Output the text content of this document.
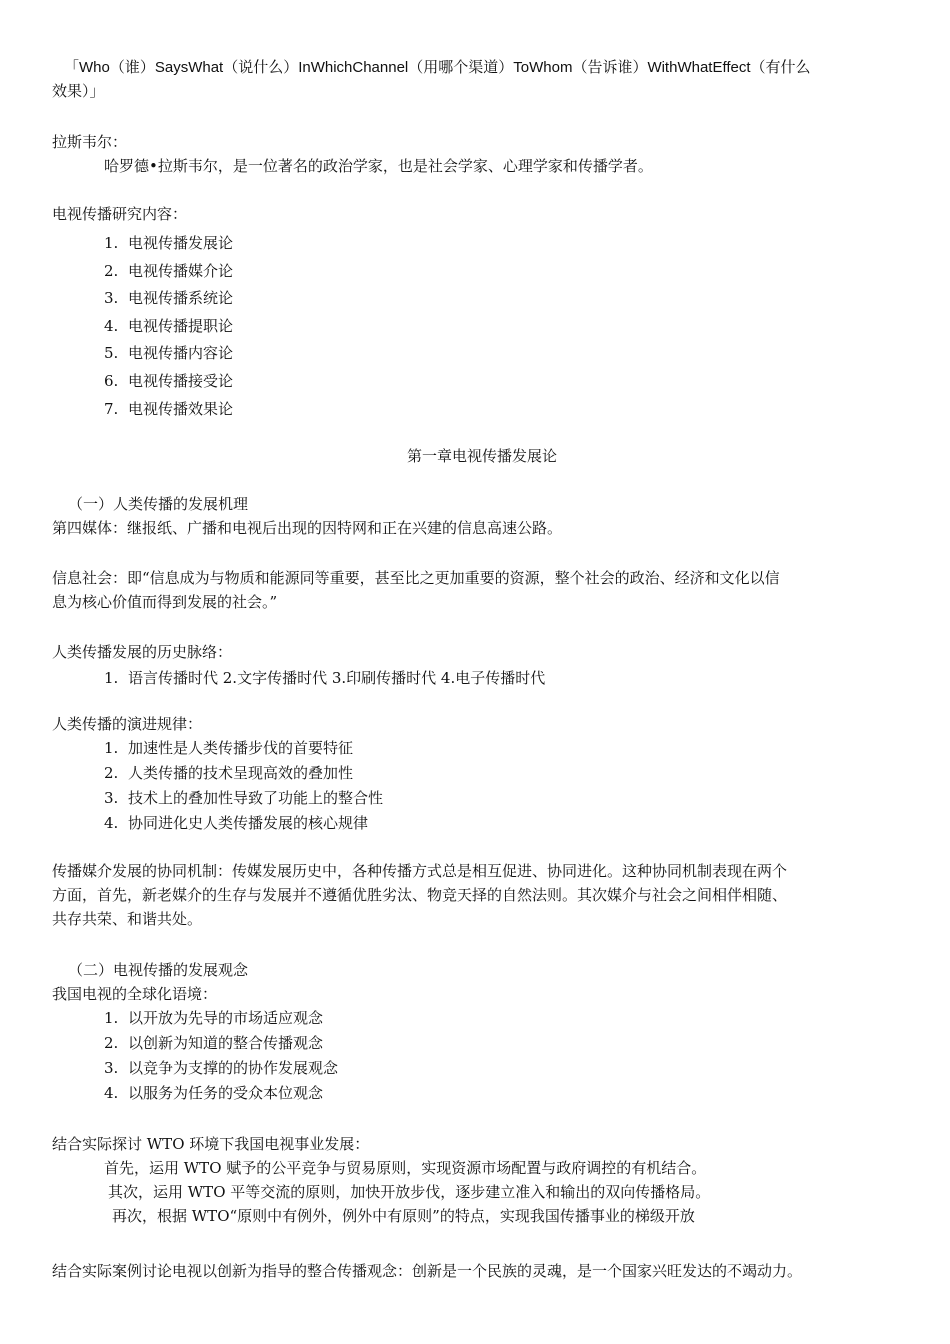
「Who（谁）SaysWhat（说什么）InWhichChannel（用哪个渠道）ToWhom（告诉谁）WithWhatEffect（有什么
效果）」

拉斯韦尔：

哈罗德•拉斯韦尔，是一位著名的政治学家，也是社会学家、心理学家和传播学者。

电视传播研究内容：

1. 电视传播发展论
2. 电视传播媒介论
3. 电视传播系统论
4. 电视传播提职论
5. 电视传播内容论
6. 电视传播接受论
7. 电视传播效果论
第一章电视传播发展论

（一）人类传播的发展机理

第四媒体：继报纸、广播和电视后出现的因特网和正在兴建的信息高速公路。

信息社会：即“信息成为与物质和能源同等重要，甚至比之更加重要的资源，整个社会的政治、经济和文化以信

息为核心价值而得到发展的社会。”

人类传播发展的历史脉络：

1. 语言传播时代 2.文字传播时代 3.印刷传播时代 4.电子传播时代

人类传播的演进规律：

1. 加速性是人类传播步伐的首要特征
2. 人类传播的技术呈现高效的叠加性
3. 技术上的叠加性导致了功能上的整合性
4. 协同进化史人类传播发展的核心规律

传播媒介发展的协同机制：传媒发展历史中，各种传播方式总是相互促进、协同进化。这种协同机制表现在两个

方面，首先，新老媒介的生存与发展并不遵循优胜劣汰、物竞天择的自然法则。其次媒介与社会之间相伴相随、

共存共荣、和谐共处。

（二）电视传播的发展观念

我国电视的全球化语境：

1. 以开放为先导的市场适应观念
2. 以创新为知道的整合传播观念
3. 以竞争为支撑的的协作发展观念
4. 以服务为任务的受众本位观念

结合实际探讨 WTO 环境下我国电视事业发展：

首先，运用 WTO 赋予的公平竞争与贸易原则，实现资源市场配置与政府调控的有机结合。

其次，运用 WTO 平等交流的原则，加快开放步伐，逐步建立准入和输出的双向传播格局。

再次，根据 WTO“原则中有例外，例外中有原则”的特点，实现我国传播事业的梯级开放

结合实际案例讨论电视以创新为指导的整合传播观念：创新是一个民族的灵魂，是一个国家兴旺发达的不竭动力。
